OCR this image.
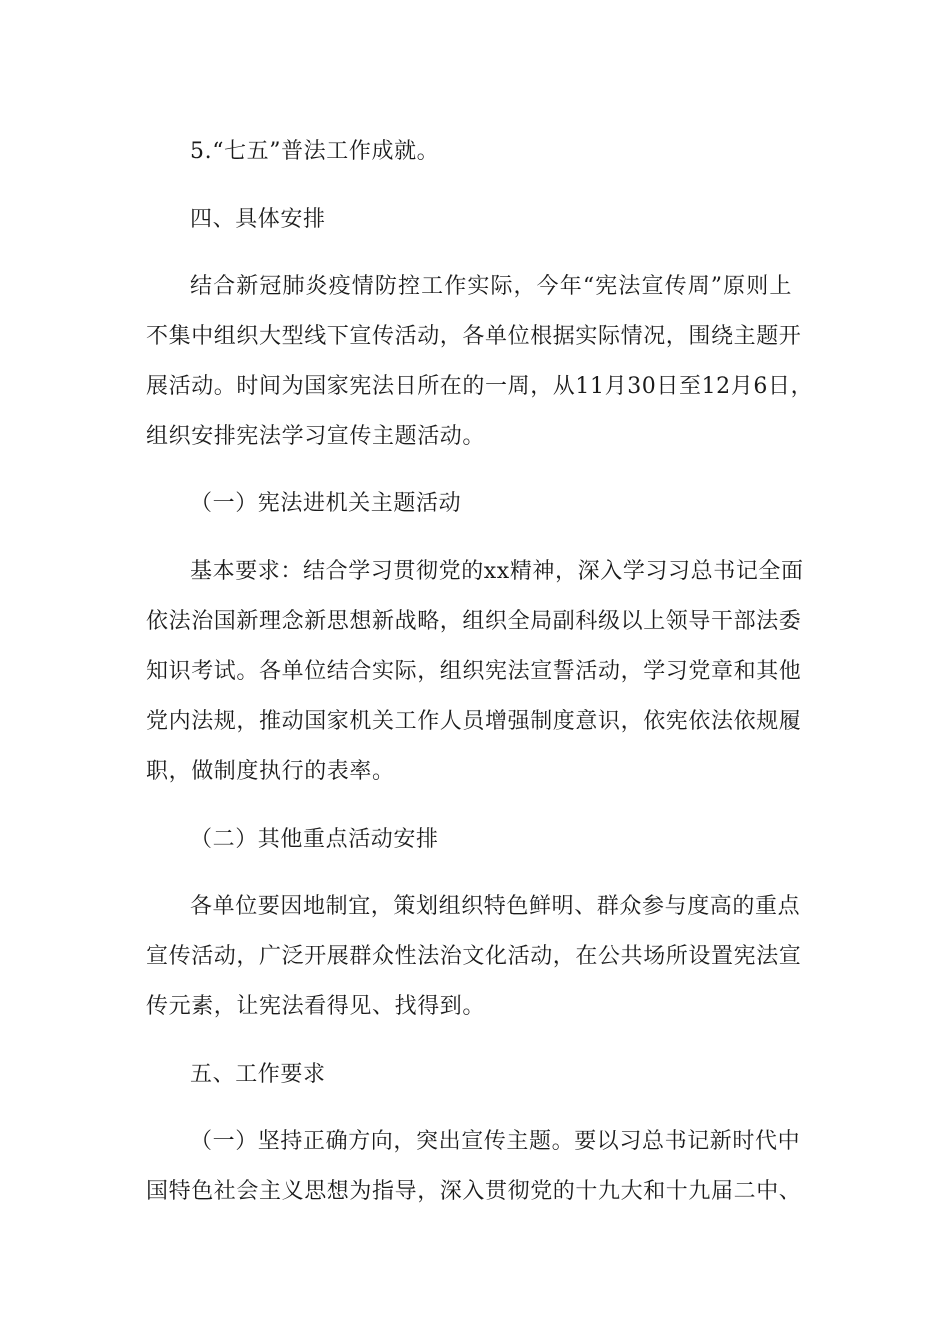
5.“七五”普法工作成就。
四、具体安排
结合新冠肺炎疫情防控工作实际，今年“宪法宣传周”原则上
不集中组织大型线下宣传活动，各单位根据实际情况，围绕主题开
展活动。时间为国家宪法日所在的一周，从11月30日至12月6日，
组织安排宪法学习宣传主题活动。
（一）宪法进机关主题活动
基本要求：结合学习贯彻党的xx精神，深入学习习总书记全面
依法治国新理念新思想新战略，组织全局副科级以上领导干部法委
知识考试。各单位结合实际，组织宪法宣誓活动，学习党章和其他
党内法规，推动国家机关工作人员增强制度意识，依宪依法依规履
职，做制度执行的表率。
（二）其他重点活动安排
各单位要因地制宜，策划组织特色鲜明、群众参与度高的重点
宣传活动，广泛开展群众性法治文化活动，在公共场所设置宪法宣
传元素，让宪法看得见、找得到。
五、工作要求
（一）坚持正确方向，突出宣传主题。要以习总书记新时代中
国特色社会主义思想为指导，深入贯彻党的十九大和十九届二中、
